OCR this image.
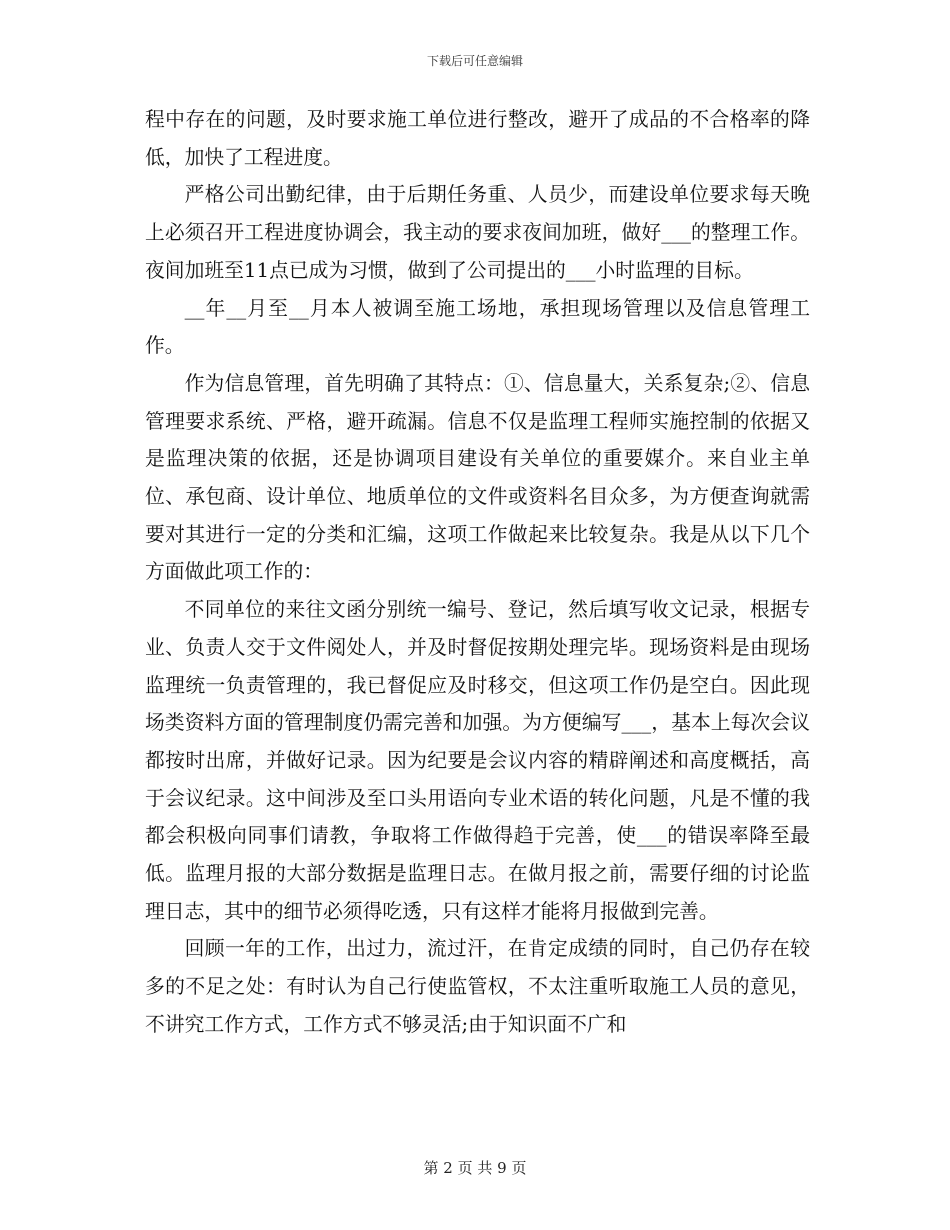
下载后可任意编辑

程中存在的问题，及时要求施工单位进行整改，避开了成品的不合格率的降低，加快了工程进度。

严格公司出勤纪律，由于后期任务重、人员少，而建设单位要求每天晚上必须召开工程进度协调会，我主动的要求夜间加班，做好___的整理工作。夜间加班至11点已成为习惯，做到了公司提出的___小时监理的目标。

__年__月至__月本人被调至施工场地，承担现场管理以及信息管理工作。

作为信息管理，首先明确了其特点：①、信息量大，关系复杂;②、信息管理要求系统、严格，避开疏漏。信息不仅是监理工程师实施控制的依据又是监理决策的依据，还是协调项目建设有关单位的重要媒介。来自业主单位、承包商、设计单位、地质单位的文件或资料名目众多，为方便查询就需要对其进行一定的分类和汇编，这项工作做起来比较复杂。我是从以下几个方面做此项工作的：

不同单位的来往文函分别统一编号、登记，然后填写收文记录，根据专业、负责人交于文件阅处人，并及时督促按期处理完毕。现场资料是由现场监理统一负责管理的，我已督促应及时移交，但这项工作仍是空白。因此现场类资料方面的管理制度仍需完善和加强。为方便编写___，基本上每次会议都按时出席，并做好记录。因为纪要是会议内容的精辟阐述和高度概括，高于会议纪录。这中间涉及至口头用语向专业术语的转化问题，凡是不懂的我都会积极向同事们请教，争取将工作做得趋于完善，使___的错误率降至最低。监理月报的大部分数据是监理日志。在做月报之前，需要仔细的讨论监理日志，其中的细节必须得吃透，只有这样才能将月报做到完善。

回顾一年的工作，出过力，流过汗，在肯定成绩的同时，自己仍存在较多的不足之处：有时认为自己行使监管权，不太注重听取施工人员的意见，不讲究工作方式，工作方式不够灵活;由于知识面不广和

第 2 页 共 9 页
